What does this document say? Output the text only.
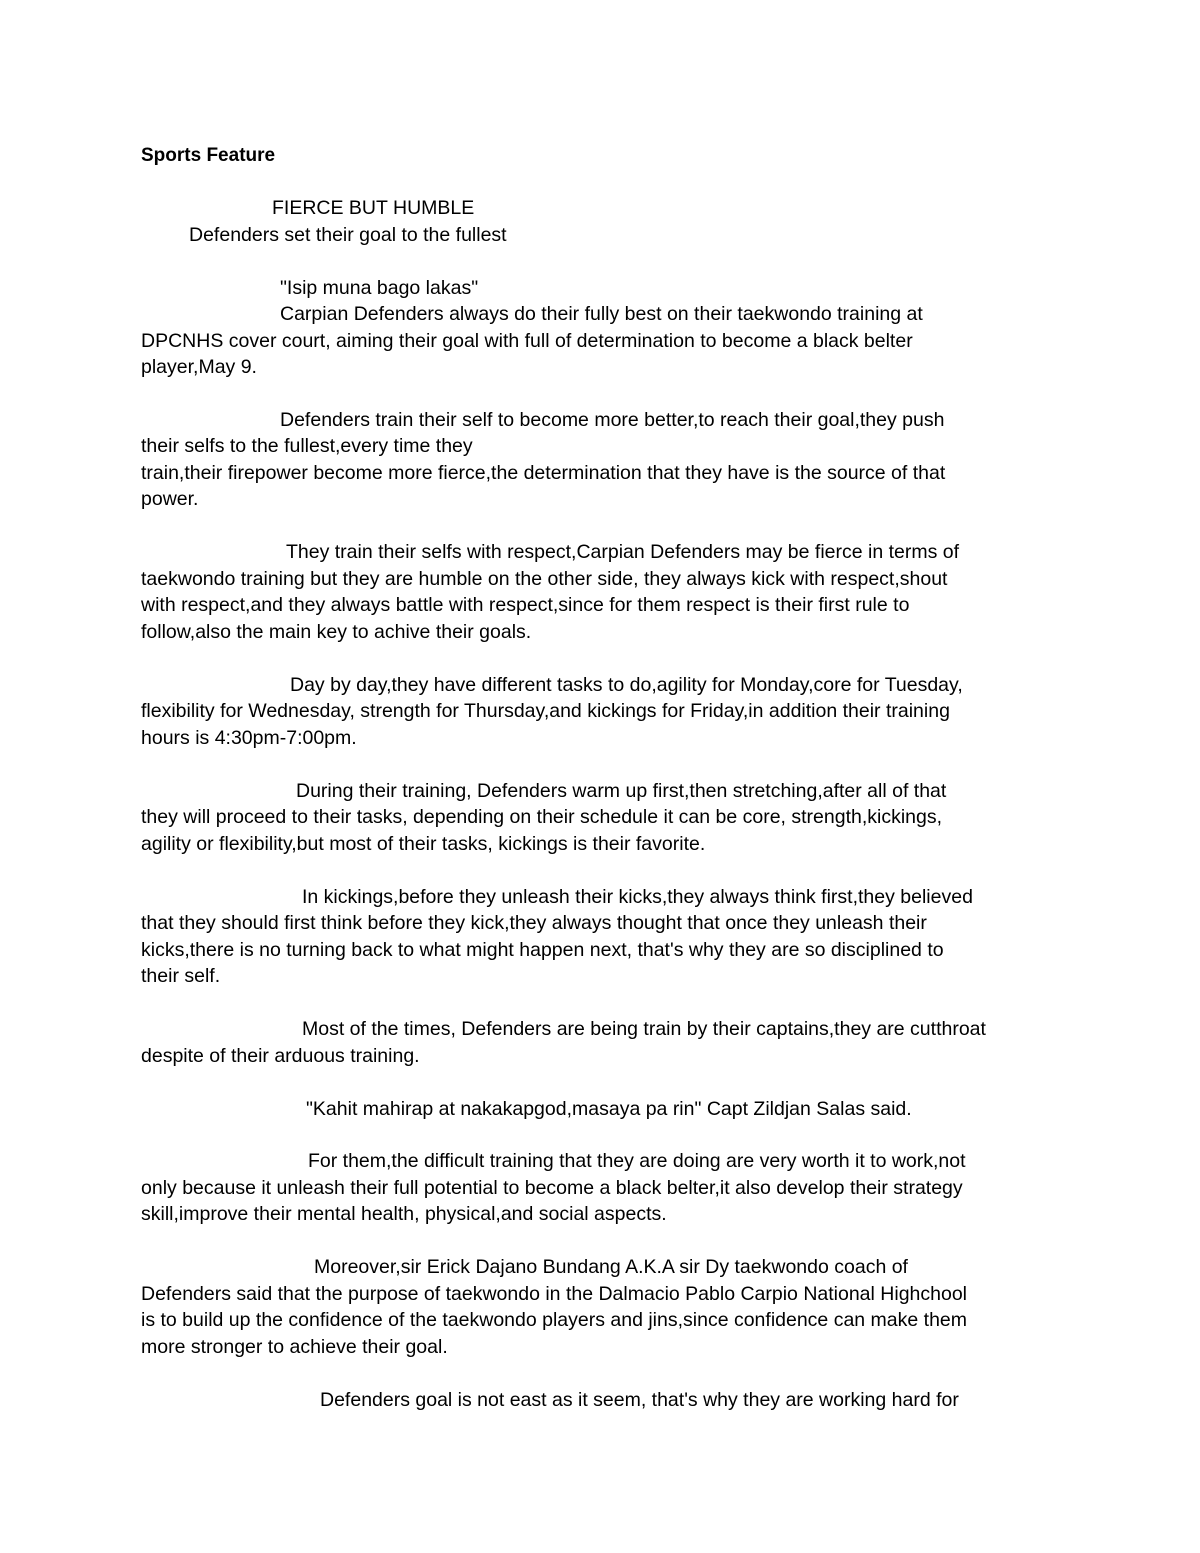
Sports Feature
FIERCE BUT HUMBLE
Defenders set their goal to the fullest
"Isip muna bago lakas"
Carpian Defenders always do their fully best on their taekwondo training at
DPCNHS cover court, aiming their goal with full of determination to become a black belter
player,May 9.
Defenders train their self to become more better,to reach their goal,they push
their selfs to the fullest,every time they
train,their firepower become more fierce,the determination that they have is the source of that
power.
They train their selfs with respect,Carpian Defenders may be fierce in terms of
taekwondo training but they are humble on the other side, they always kick with respect,shout
with respect,and they always battle with respect,since for them respect is their first rule to
follow,also the main key to achive their goals.
Day by day,they have different tasks to do,agility for Monday,core for Tuesday,
flexibility for Wednesday, strength for Thursday,and kickings for Friday,in addition their training
hours is 4:30pm-7:00pm.
During their training, Defenders warm up first,then stretching,after all of that
they will proceed to their tasks, depending on their schedule it can be core, strength,kickings,
agility or flexibility,but most of their tasks, kickings is their favorite.
In kickings,before they unleash their kicks,they always think first,they believed
that they should first think before they kick,they always thought that once they unleash their
kicks,there is no turning back to what might happen next, that's why they are so disciplined to
their self.
Most of the times, Defenders are being train by their captains,they are cutthroat
despite of their arduous training.
"Kahit mahirap at nakakapgod,masaya pa rin" Capt Zildjan Salas said.
For them,the difficult training that they are doing are very worth it to work,not
only because it unleash their full potential to become a black belter,it also develop their strategy
skill,improve their mental health, physical,and social aspects.
Moreover,sir Erick Dajano Bundang A.K.A sir Dy taekwondo coach of
Defenders said that the purpose of taekwondo in the Dalmacio Pablo Carpio National Highchool
is to build up the confidence of the taekwondo players and jins,since confidence can make them
more stronger to achieve their goal.
Defenders goal is not east as it seem, that's why they are working hard for
